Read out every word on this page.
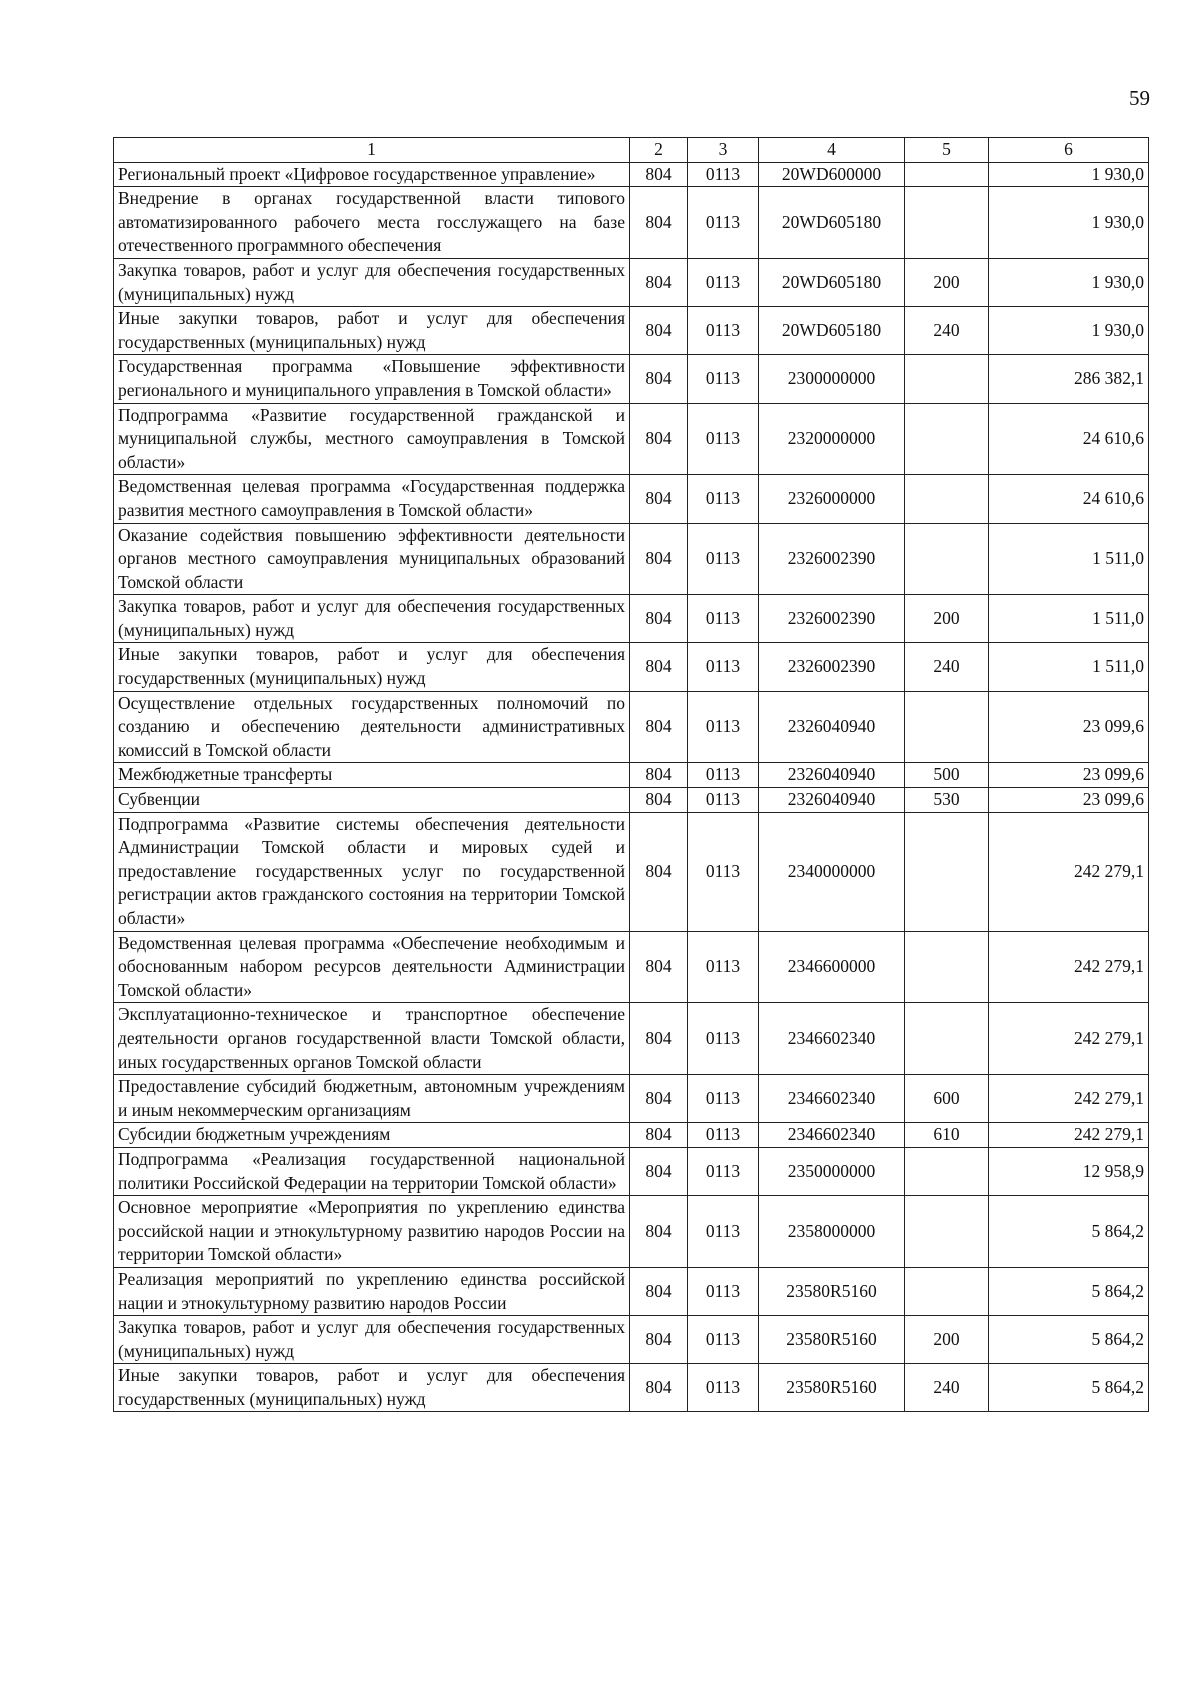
59
1	2	3	4	5	6
Региональный проект «Цифровое государственное управление»	804	0113	20WD600000		1 930,0
Внедрение в органах государственной власти типового автоматизированного рабочего места госслужащего на базе отечественного программного обеспечения	804	0113	20WD605180		1 930,0
Закупка товаров, работ и услуг для обеспечения государственных (муниципальных) нужд	804	0113	20WD605180	200	1 930,0
Иные закупки товаров, работ и услуг для обеспечения государственных (муниципальных) нужд	804	0113	20WD605180	240	1 930,0
Государственная программа «Повышение эффективности регионального и муниципального управления в Томской области»	804	0113	2300000000		286 382,1
Подпрограмма «Развитие государственной гражданской и муниципальной службы, местного самоуправления в Томской области»	804	0113	2320000000		24 610,6
Ведомственная целевая программа «Государственная поддержка развития местного самоуправления в Томской области»	804	0113	2326000000		24 610,6
Оказание содействия повышению эффективности деятельности органов местного самоуправления муниципальных образований Томской области	804	0113	2326002390		1 511,0
Закупка товаров, работ и услуг для обеспечения государственных (муниципальных) нужд	804	0113	2326002390	200	1 511,0
Иные закупки товаров, работ и услуг для обеспечения государственных (муниципальных) нужд	804	0113	2326002390	240	1 511,0
Осуществление отдельных государственных полномочий по созданию и обеспечению деятельности административных комиссий в Томской области	804	0113	2326040940		23 099,6
Межбюджетные трансферты	804	0113	2326040940	500	23 099,6
Субвенции	804	0113	2326040940	530	23 099,6
Подпрограмма «Развитие системы обеспечения деятельности Администрации Томской области и мировых судей и предоставление государственных услуг по государственной регистрации актов гражданского состояния на территории Томской области»	804	0113	2340000000		242 279,1
Ведомственная целевая программа «Обеспечение необходимым и обоснованным набором ресурсов деятельности Администрации Томской области»	804	0113	2346600000		242 279,1
Эксплуатационно-техническое и транспортное обеспечение деятельности органов государственной власти Томской области, иных государственных органов Томской области	804	0113	2346602340		242 279,1
Предоставление субсидий бюджетным, автономным учреждениям и иным некоммерческим организациям	804	0113	2346602340	600	242 279,1
Субсидии бюджетным учреждениям	804	0113	2346602340	610	242 279,1
Подпрограмма «Реализация государственной национальной политики Российской Федерации на территории Томской области»	804	0113	2350000000		12 958,9
Основное мероприятие «Мероприятия по укреплению единства российской нации и этнокультурному развитию народов России на территории Томской области»	804	0113	2358000000		5 864,2
Реализация мероприятий по укреплению единства российской нации и этнокультурному развитию народов России	804	0113	23580R5160		5 864,2
Закупка товаров, работ и услуг для обеспечения государственных (муниципальных) нужд	804	0113	23580R5160	200	5 864,2
Иные закупки товаров, работ и услуг для обеспечения государственных (муниципальных) нужд	804	0113	23580R5160	240	5 864,2
